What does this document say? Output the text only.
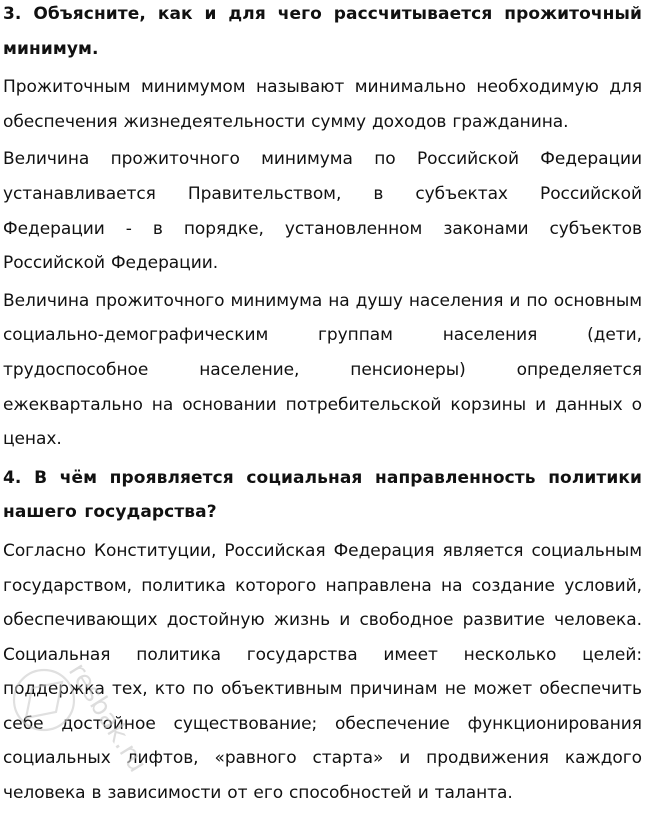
3. Объясните, как и для чего рассчитывается прожиточный минимум.

Прожиточным минимумом называют минимально необходимую для обеспечения жизнедеятельности сумму доходов гражданина.

Величина прожиточного минимума по Российской Федерации устанавливается Правительством, в субъектах Российской Федерации - в порядке, установленном законами субъектов Российской Федерации.

Величина прожиточного минимума на душу населения и по основным социально-демографическим группам населения (дети, трудоспособное население, пенсионеры) определяется ежеквартально на основании потребительской корзины и данных о ценах.

4. В чём проявляется социальная направленность политики нашего государства?

Согласно Конституции, Российская Федерация является социальным государством, политика которого направлена на создание условий, обеспечивающих достойную жизнь и свободное развитие человека. Социальная политика государства имеет несколько целей: поддержка тех, кто по объективным причинам не может обеспечить себе достойное существование; обеспечение функционирования социальных лифтов, «равного старта» и продвижения каждого человека в зависимости от его способностей и таланта.

resbak.ru
